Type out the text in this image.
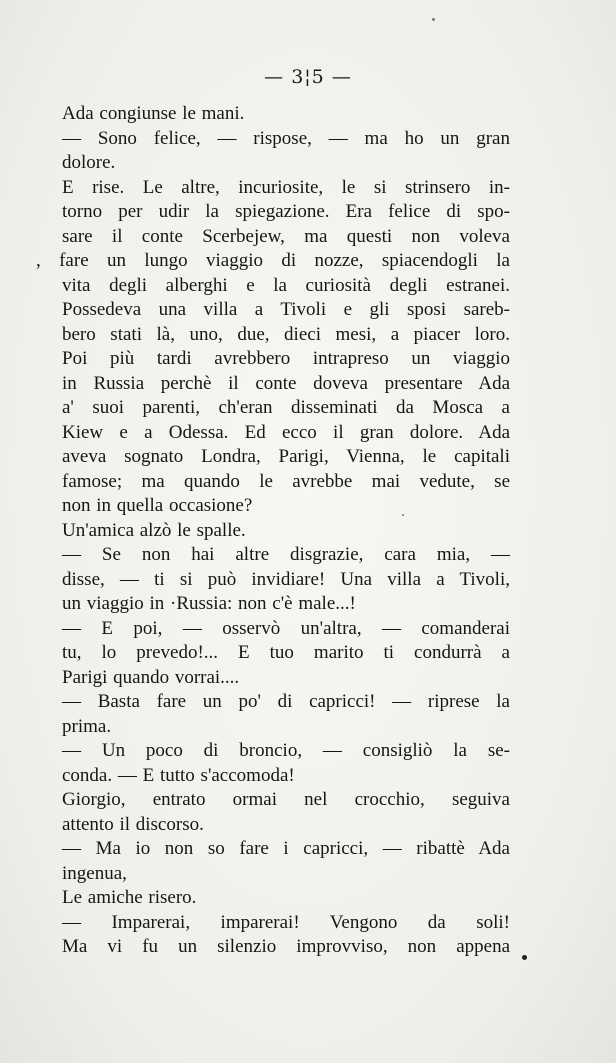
— 3¦5 —
Ada congiunse le mani.
— Sono felice, — rispose, — ma ho un gran
dolore.
E rise. Le altre, incuriosite, le si strinsero in-
torno per udir la spiegazione. Era felice di spo-
sare il conte Scerbejew, ma questi non voleva
, fare un lungo viaggio di nozze, spiacendogli la
vita degli alberghi e la curiosità degli estranei.
Possedeva una villa a Tivoli e gli sposi sareb-
bero stati là, uno, due, dieci mesi, a piacer loro.
Poi più tardi avrebbero intrapreso un viaggio
in Russia perchè il conte doveva presentare Ada
a' suoi parenti, ch'eran disseminati da Mosca a
Kiew e a Odessa. Ed ecco il gran dolore. Ada
aveva sognato Londra, Parigi, Vienna, le capitali
famose; ma quando le avrebbe mai vedute, se
non in quella occasione?
Un'amica alzò le spalle.
— Se non hai altre disgrazie, cara mia, —
disse, — ti si può invidiare! Una villa a Tivoli,
un viaggio in ·Russia: non c'è male...!
— E poi, — osservò un'altra, — comanderai
tu, lo prevedo!... E tuo marito ti condurrà a
Parigi quando vorrai....
— Basta fare un po' di capricci! — riprese la
prima.
— Un poco di broncio, — consigliò la se-
conda. — E tutto s'accomoda!
Giorgio, entrato ormai nel crocchio, seguiva
attento il discorso.
— Ma io non so fare i capricci, — ribattè Ada
ingenua,
Le amiche risero.
— Imparerai, imparerai! Vengono da soli!
Ma vi fu un silenzio improvviso, non appena
